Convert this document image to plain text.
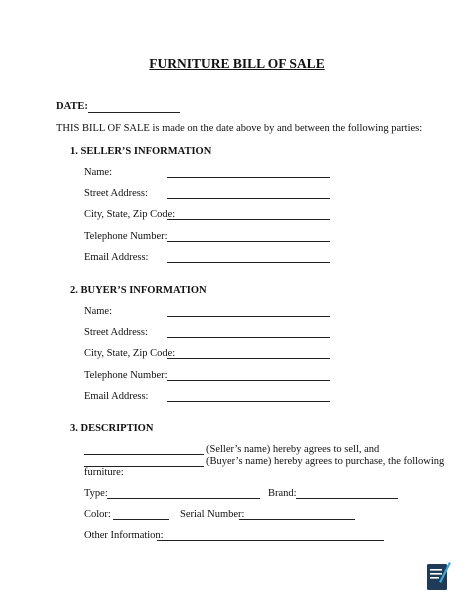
FURNITURE BILL OF SALE
DATE:
THIS BILL OF SALE is made on the date above by and between the following parties:
1. SELLER’S INFORMATION
Name:
Street Address:
City, State, Zip Code:
Telephone Number:
Email Address:
2. BUYER’S INFORMATION
Name:
Street Address:
City, State, Zip Code:
Telephone Number:
Email Address:
3. DESCRIPTION
(Seller’s name) hereby agrees to sell, and
(Buyer’s name) hereby agrees to purchase, the following
furniture:
Type:	Brand:
Color:	Serial Number:
Other Information:
